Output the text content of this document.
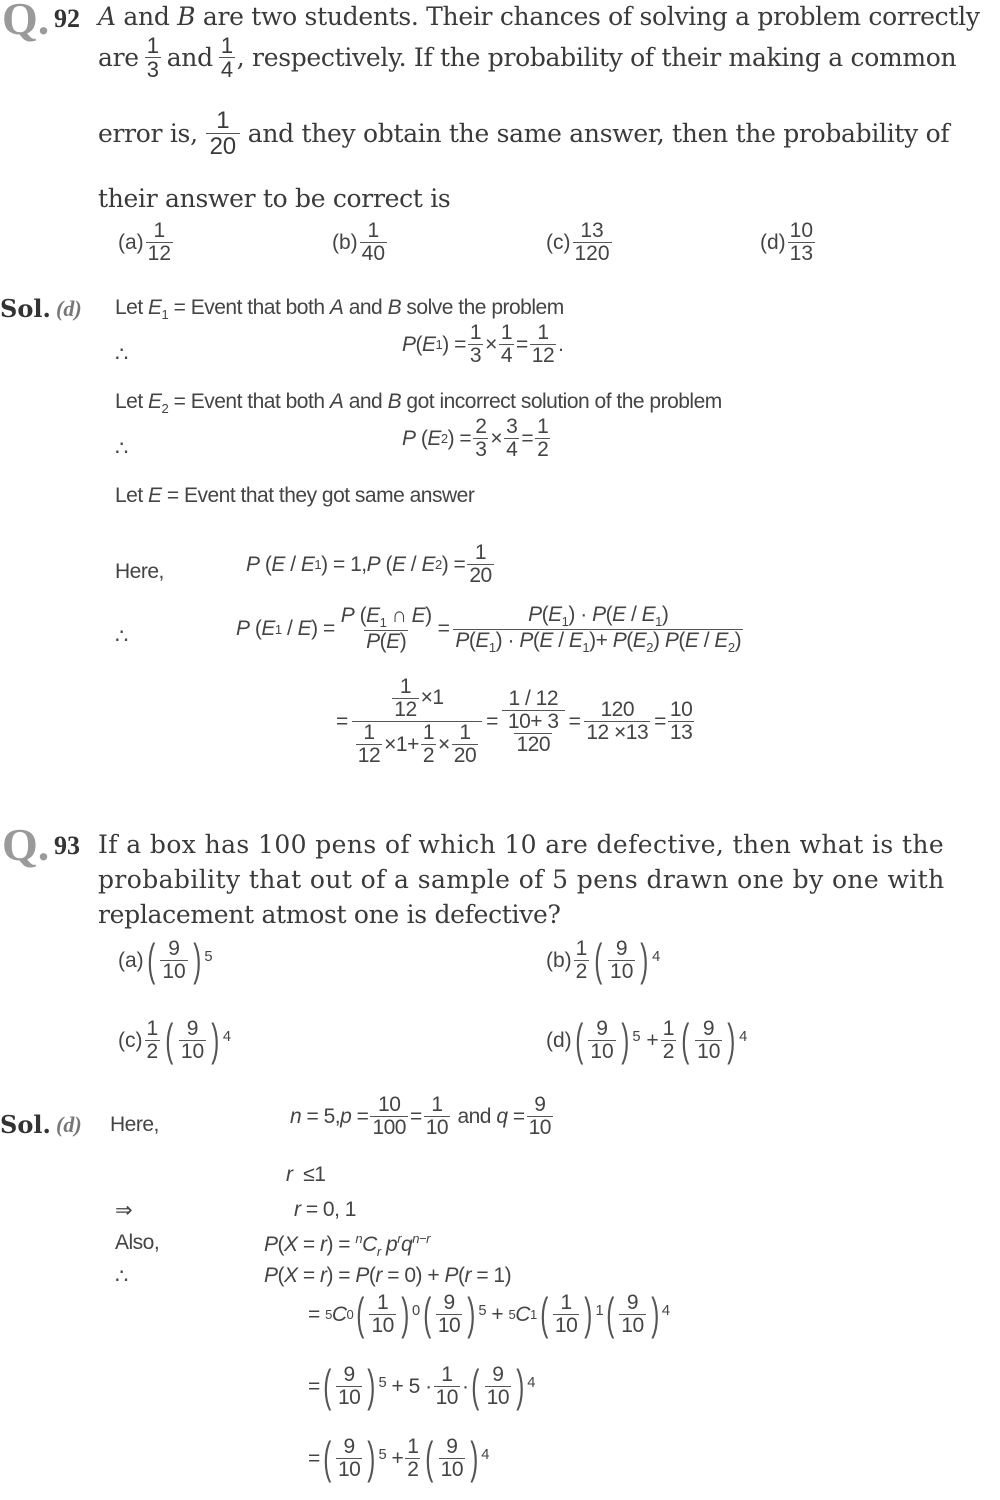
Q. 92 A and B are two students. Their chances of solving a problem correctly
are $\frac{1}{3}$ and $\frac{1}{4}$ , respectively. If the probability of their making a common
error is, $\frac{1}{20}$ and they obtain the same answer, then the probability of
their answer to be correct is
$(a) \frac{1}{12}$	$(b) \frac{1}{40}$	$(c) \frac{13}{120}$	$(d) \frac{10}{13}$
Sol. (d) Let $E_1$ = Event that both A and B solve the problem
∴	P ( E 1 ) = $\frac{1}{3} \times \frac{1}{4} = \frac{1}{12}$ .
Let $E_2$ = Event that both A and B got incorrect solution of the problem
∴	P ( E 2 ) = $\frac{2}{3} \times \frac{3}{4} = \frac{1}{2}$
Let E = Event that they got same answer
Here,	P ( E / E 1 ) = 1, P ( E / E 2 ) = $\frac{1}{20}$
∴	P ( E 1 / E ) = $\frac{P (E_1 \cap E)}{P(E)} = \frac{P(E_1) \cdot P(E / E_1)}{P(E_1) \cdot P(E / E_1)+ P(E_2) P(E / E_2)}$
= $\frac{\frac{1}{12} \times 1}{\frac{1}{12} \times 1+ \frac{1}{2} \times \frac{1}{20}} = \frac{1 / 12}{\frac{10+ 3}{120}} = \frac{120}{12 \times 13} = \frac{10}{13}$
Q. 93 If a box has 100 pens of which 10 are defective, then what is the
probability that out of a sample of 5 pens drawn one by one with
replacement atmost one is defective?
(a) ( $\frac{9}{10}$ ) 5	$(b) \frac{1}{2}$ ( $\frac{9}{10}$ ) 4
$(c) \frac{1}{2}$ ( $\frac{9}{10}$ ) 4	(d) ( $\frac{9}{10}$ ) $5 + \frac{1}{2}$ ( $\frac{9}{10}$ ) 4
Sol. (d) Here,	n = 5, $p = \frac{10}{100} = \frac{1}{10}$ and $q = \frac{9}{10}$
r  ≤1
⇒	r = 0, 1
Also,	$P(X = r) = ^nC_r$ $p^rq^{n-r}$
∴	P(X = r) = P(r = 0) + P(r = 1)
= 5 C 0 ( $\frac{1}{10}$ ) 0 ( $\frac{9}{10}$ ) 5 + 5 C 1 ( $\frac{1}{10}$ ) 1 ( $\frac{9}{10}$ ) 4
= ( $\frac{9}{10}$ ) $5 + 5 \cdot \frac{1}{10}$ · ( $\frac{9}{10}$ ) 4
= ( $\frac{9}{10}$ ) $5 + \frac{1}{2}$ ( $\frac{9}{10}$ ) 4
